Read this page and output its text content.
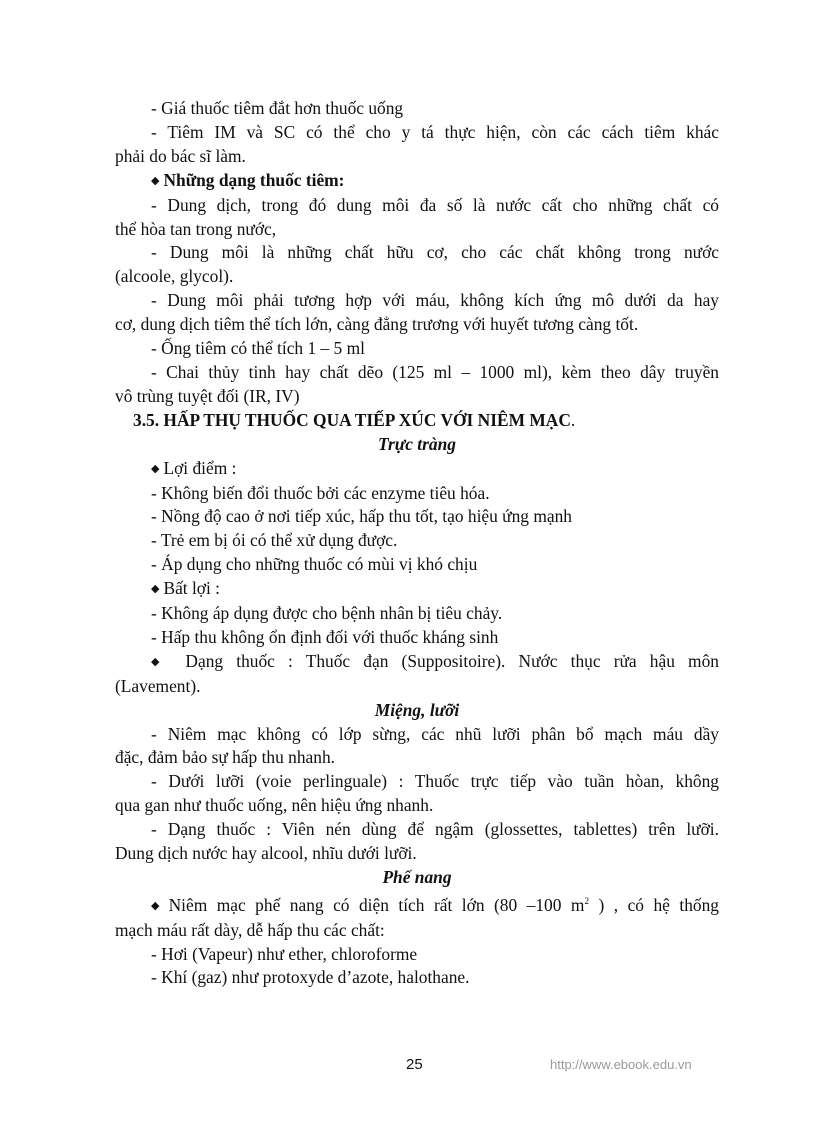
- Giá thuốc tiêm đắt hơn thuốc uống

- Tiêm IM và SC có thể cho y tá thực hiện, còn các cách tiêm khác

phải do bác sĩ làm.

◆ Những dạng thuốc tiêm:

- Dung dịch, trong đó dung môi đa số là nước cất cho những chất có

thể hòa tan trong nước,

- Dung môi là những chất hữu cơ, cho các chất không trong nước

(alcoole, glycol).

- Dung môi phải tương hợp với máu, không kích ứng mô dưới da hay

cơ, dung dịch tiêm thể tích lớn, càng đẳng trương với huyết tương càng tốt.

- Ống tiêm có thể tích 1 – 5 ml

- Chai thủy tinh hay chất dẽo (125 ml – 1000 ml), kèm theo dây truyền

vô trùng tuyệt đối (IR, IV)

3.5. HẤP THỤ THUỐC QUA TIẾP XÚC VỚI NIÊM MẠC.

Trực tràng

◆ Lợi điểm :

- Không biến đổi thuốc bởi các enzyme tiêu hóa.

- Nồng độ cao ở nơi tiếp xúc, hấp thu tốt, tạo hiệu ứng mạnh

- Trẻ em bị ói có thể xử dụng được.

- Áp dụng cho những thuốc có mùi vị khó chịu

◆ Bất lợi :

- Không áp dụng được cho bệnh nhân bị tiêu chảy.

- Hấp thu không ổn định đối với thuốc kháng sinh

◆ Dạng thuốc : Thuốc đạn (Suppositoire). Nước thục rửa hậu môn

(Lavement).

Miệng, lưỡi

- Niêm mạc không có lớp sừng, các nhũ lưỡi phân bổ mạch máu dầy

đặc, đảm bảo sự hấp thu nhanh.

- Dưới lưỡi (voie perlinguale) : Thuốc trực tiếp vào tuần hòan, không

qua gan như thuốc uống, nên hiệu ứng nhanh.

- Dạng thuốc : Viên nén dùng để ngậm (glossettes, tablettes) trên lưỡi.

Dung dịch nước hay alcool, nhĩu dưới lưỡi.

Phế nang

◆ Niêm mạc phế nang có diện tích rất lớn (80 –100 $m^2$ ) , có hệ thống

mạch máu rất dày, dễ hấp thu các chất:

- Hơi (Vapeur) như ether, chloroforme

- Khí (gaz) như protoxyde d’azote, halothane.

25	http://www.ebook.edu.vn
